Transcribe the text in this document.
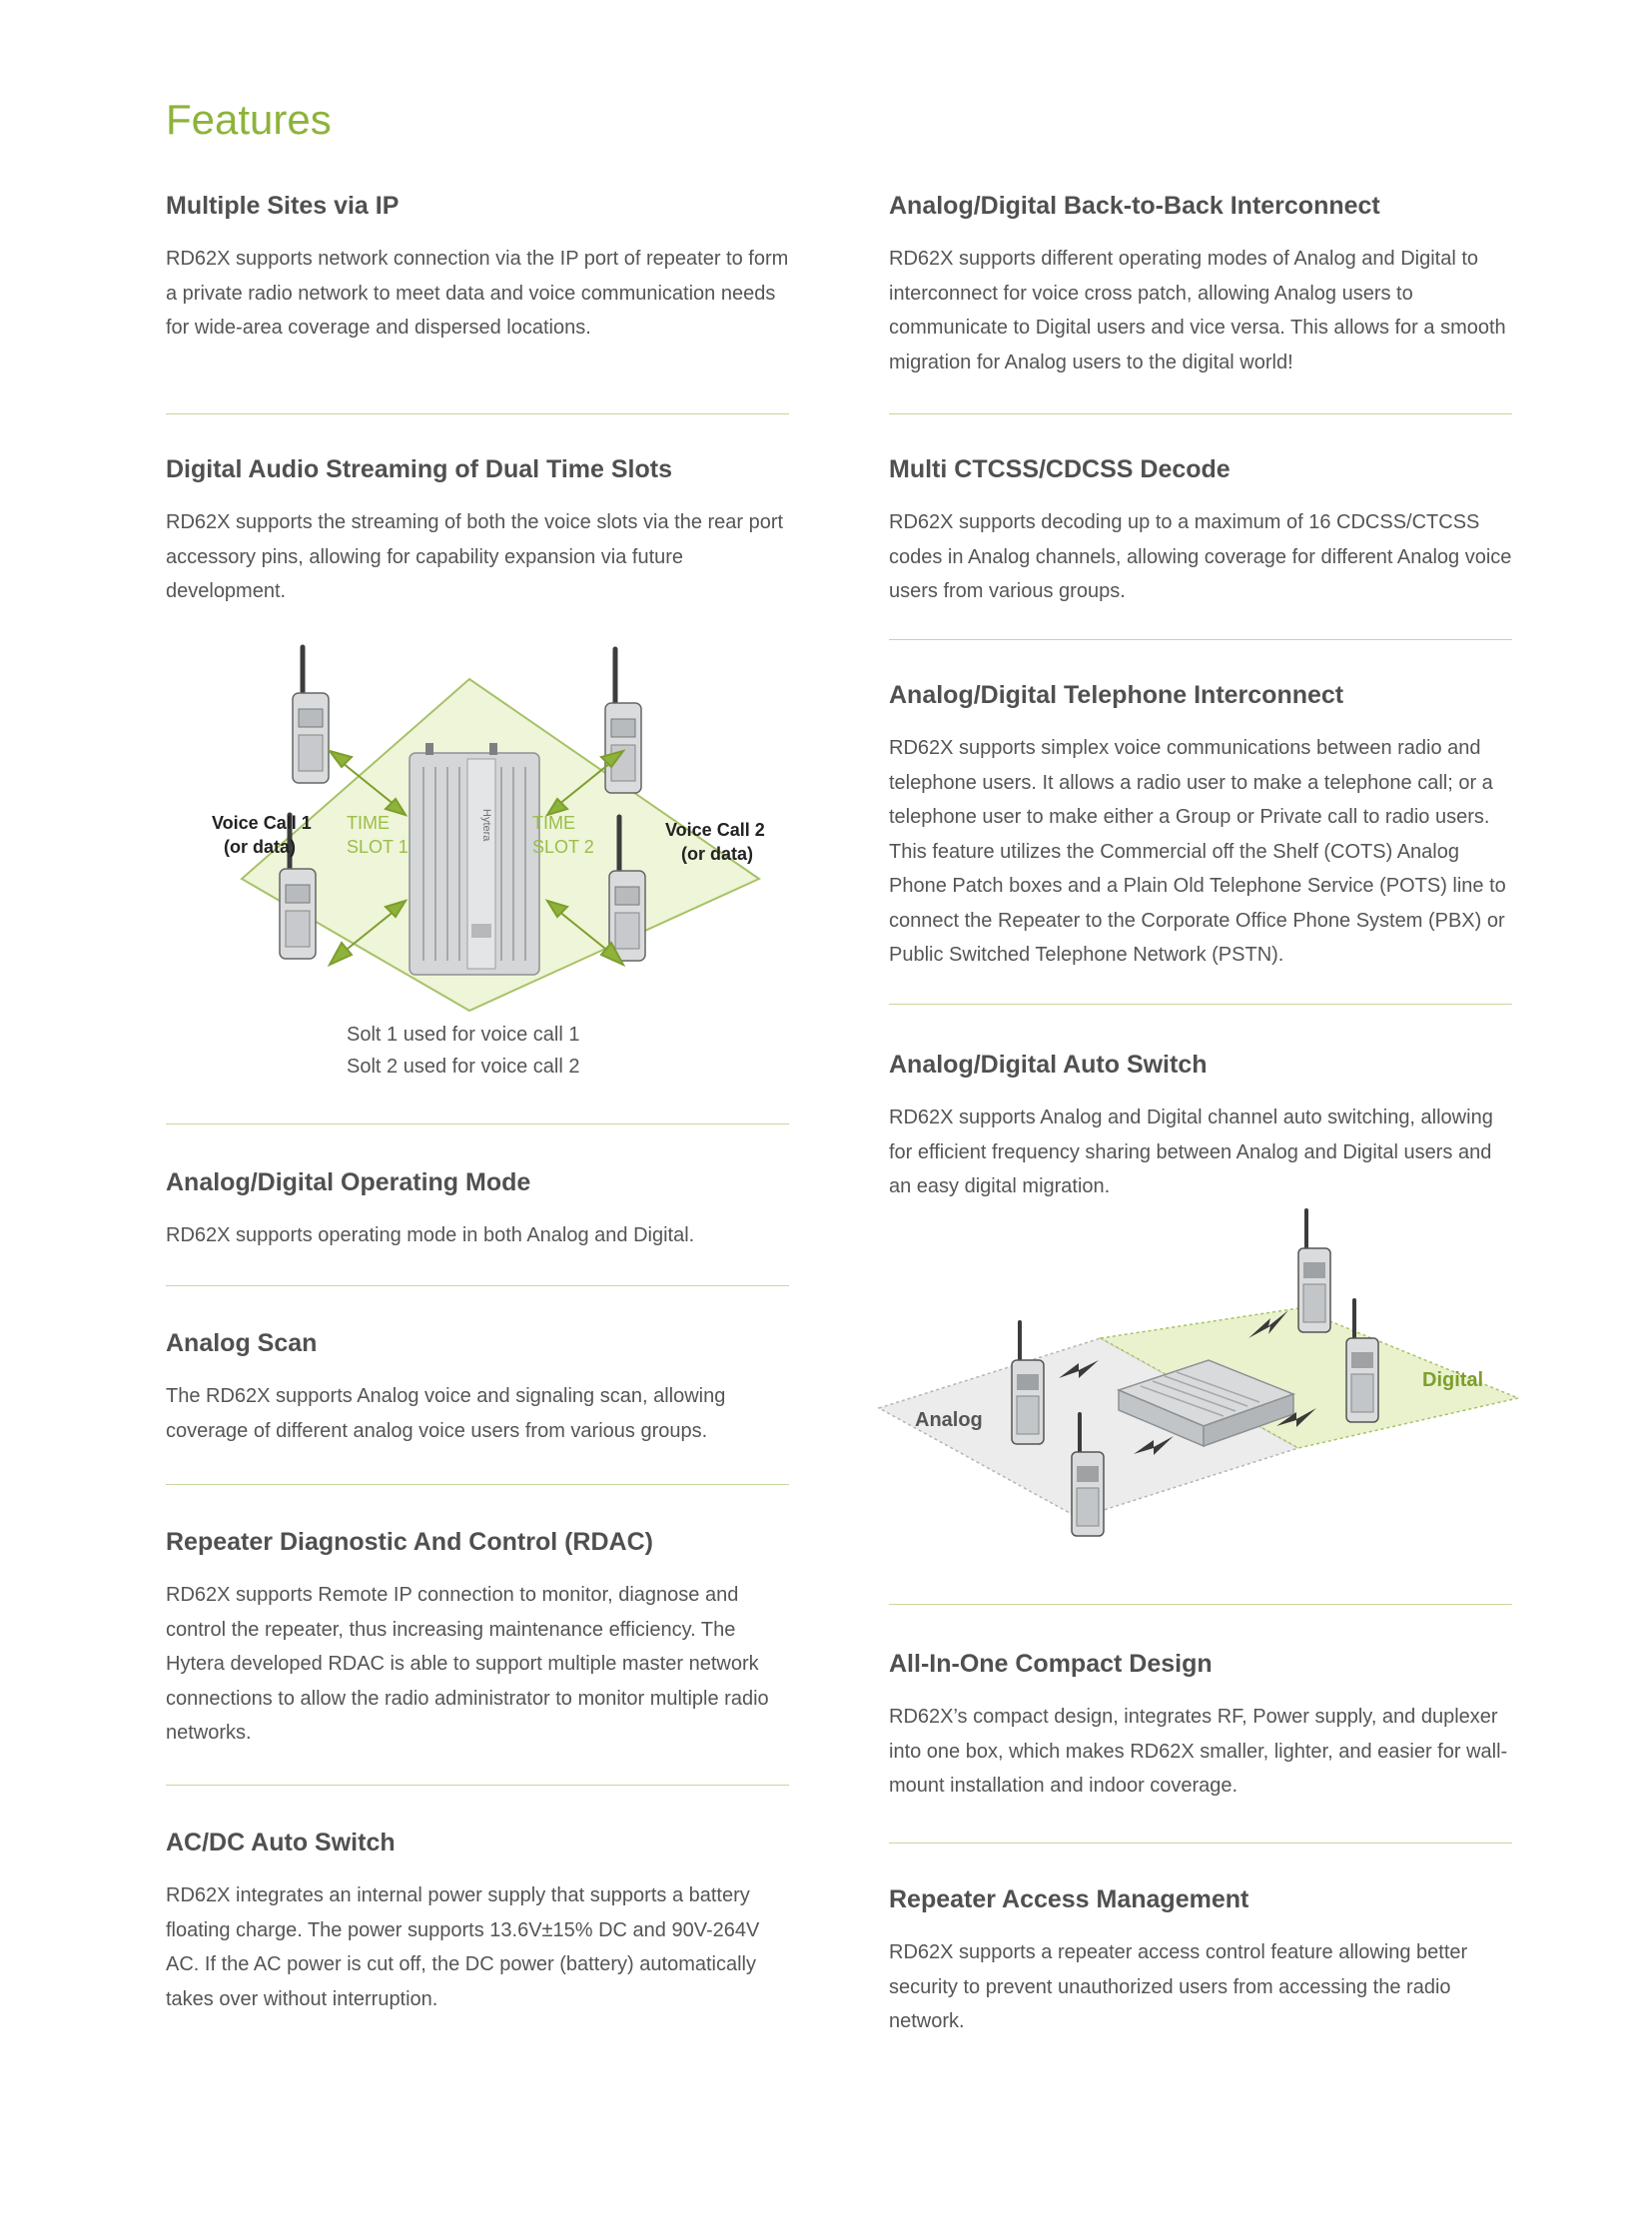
Features
Multiple Sites via IP

RD62X supports network connection via the IP port of repeater to form a private radio network to meet data and voice communication needs for wide-area coverage and dispersed locations.

Digital Audio Streaming of Dual Time Slots

RD62X supports the streaming of both the voice slots via the rear port accessory pins, allowing for capability expansion via future development.

Hytera
Voice Call 1
(or data)
Voice Call 2
(or data)
TIME
SLOT 1
TIME
SLOT 2
Solt 1 used for voice call 1
Solt 2 used for voice call 2
Analog/Digital Operating Mode

RD62X supports operating mode in both Analog and Digital.

Analog Scan

The RD62X supports Analog voice and signaling scan, allowing coverage of different analog voice users from various groups.

Repeater Diagnostic And Control (RDAC)

RD62X supports Remote IP connection to monitor, diagnose and control the repeater, thus increasing maintenance efficiency. The Hytera developed RDAC is able to support multiple master network connections to allow the radio administrator to monitor multiple radio networks.

AC/DC Auto Switch

RD62X integrates an internal power supply that supports a battery floating charge. The power supports 13.6V±15% DC and 90V-264V AC. If the AC power is cut off, the DC power (battery) automatically takes over without interruption.

Analog/Digital Back-to-Back Interconnect

RD62X supports different operating modes of Analog and Digital to interconnect for voice cross patch, allowing Analog users to communicate to Digital users and vice versa. This allows for a smooth migration for Analog users to the digital world!

Multi CTCSS/CDCSS Decode

RD62X supports decoding up to a maximum of 16 CDCSS/CTCSS codes in Analog channels, allowing coverage for different Analog voice users from various groups.

Analog/Digital Telephone Interconnect

RD62X supports simplex voice communications between radio and telephone users. It allows a radio user to make a telephone call; or a telephone user to make either a Group or Private call to radio users. This feature utilizes the Commercial off the Shelf (COTS) Analog Phone Patch boxes and a Plain Old Telephone Service (POTS) line to connect the Repeater to the Corporate Office Phone System (PBX) or Public Switched Telephone Network (PSTN).

Analog/Digital Auto Switch

RD62X supports Analog and Digital channel auto switching, allowing for efficient frequency sharing between Analog and Digital users and an easy digital migration.

Analog
Digital
All-In-One Compact Design

RD62X’s compact design, integrates RF, Power supply, and duplexer into one box, which makes RD62X smaller, lighter, and easier for wall-mount installation and indoor coverage.

Repeater Access Management

RD62X supports a repeater access control feature allowing better security to prevent unauthorized users from accessing the radio network.
